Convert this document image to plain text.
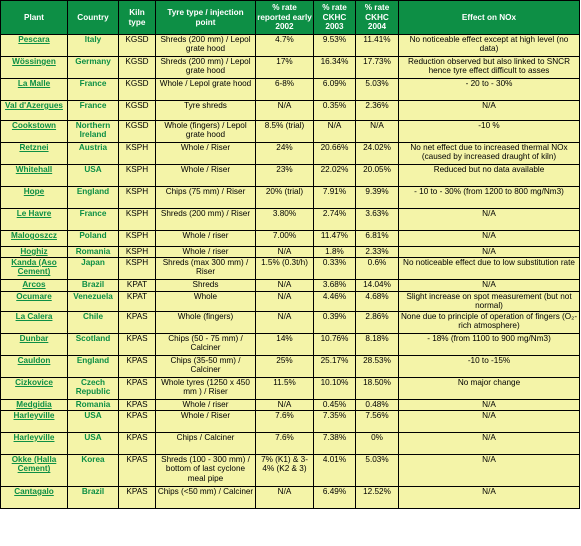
Plant	Country	Kiln type	Tyre type / injection point	% rate reported early 2002	% rate CKHC 2003	% rate CKHC 2004	Effect on NOx
Pescara	Italy	KGSD	Shreds (200 mm) / Lepol grate hood	4.7%	9.53%	11.41%	No noticeable effect except at high level (no data)
Wössingen	Germany	KGSD	Shreds (200 mm) / Lepol grate hood	17%	16.34%	17.73%	Reduction observed but also linked to SNCR hence tyre effect difficult to asses
La Malle	France	KGSD	Whole / Lepol grate hood	6-8%	6.09%	5.03%	- 20 to - 30%
Val d'Azergues	France	KGSD	Tyre shreds	N/A	0.35%	2.36%	N/A
Cookstown	Northern Ireland	KGSD	Whole (fingers) / Lepol grate hood	8.5% (trial)	N/A	N/A	-10 %
Retznei	Austria	KSPH	Whole / Riser	24%	20.66%	24.02%	No net effect due to increased thermal NOx (caused by increased draught of kiln)
Whitehall	USA	KSPH	Whole / Riser	23%	22.02%	20.05%	Reduced but no data available
Hope	England	KSPH	Chips (75 mm) / Riser	20% (trial)	7.91%	9.39%	- 10 to - 30% (from 1200 to 800 mg/Nm3)
Le Havre	France	KSPH	Shreds (200 mm) / Riser	3.80%	2.74%	3.63%	N/A
Malogoszcz	Poland	KSPH	Whole / riser	7.00%	11.47%	6.81%	N/A
Hoghiz	Romania	KSPH	Whole / riser	N/A	1.8%	2.33%	N/A
Kanda (Aso Cement)	Japan	KSPH	Shreds (max 300 mm) / Riser	1.5% (0.3t/h)	0.33%	0.6%	No noticeable effect due to low substitution rate
Arcos	Brazil	KPAT	Shreds	N/A	3.68%	14.04%	N/A
Ocumare	Venezuela	KPAT	Whole	N/A	4.46%	4.68%	Slight increase on spot measurement (but not normal)
La Calera	Chile	KPAS	Whole (fingers)	N/A	0.39%	2.86%	None due to principle of operation of fingers (O₂-rich atmosphere)
Dunbar	Scotland	KPAS	Chips (50 - 75 mm) / Calciner	14%	10.76%	8.18%	- 18% (from 1100 to 900 mg/Nm3)
Cauldon	England	KPAS	Chips (35-50 mm) / Calciner	25%	25.17%	28.53%	-10 to -15%
Cizkovice	Czech Republic	KPAS	Whole tyres (1250 x 450 mm ) / Riser	11.5%	10.10%	18.50%	No major change
Medgidia	Romania	KPAS	Whole / riser	N/A	0.45%	0.48%	N/A
Harleyville	USA	KPAS	Whole / Riser	7.6%	7.35%	7.56%	N/A
Harleyville	USA	KPAS	Chips / Calciner	7.6%	7.38%	0%	N/A
Okke (Halla Cement)	Korea	KPAS	Shreds (100 - 300 mm) / bottom of last cyclone meal pipe	7% (K1) & 3-4% (K2 & 3)	4.01%	5.03%	N/A
Cantagalo	Brazil	KPAS	Chips (<50 mm) / Calciner	N/A	6.49%	12.52%	N/A
